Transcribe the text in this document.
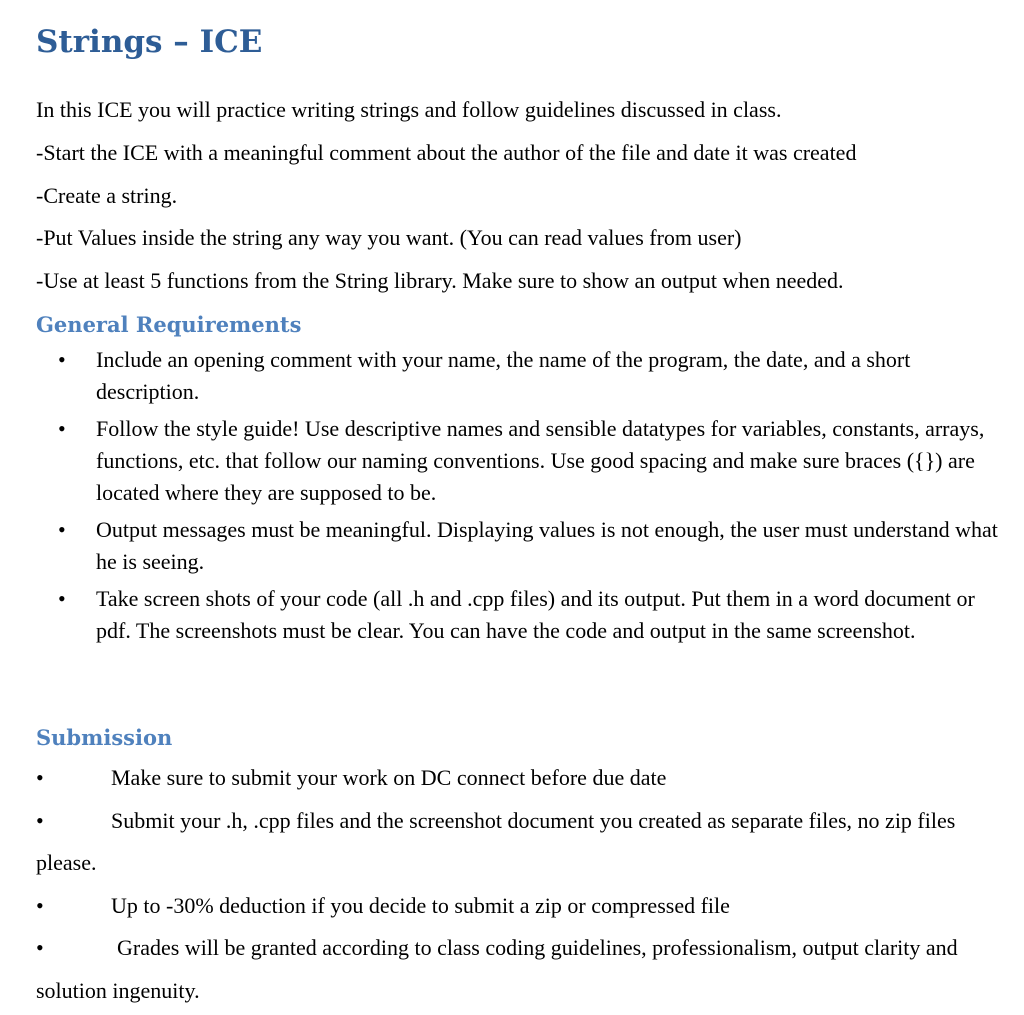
Strings – ICE

In this ICE you will practice writing strings and follow guidelines discussed in class.

-Start the ICE with a meaningful comment about the author of the file and date it was created

-Create a string.

-Put Values inside the string any way you want. (You can read values from user)

-Use at least 5 functions from the String library. Make sure to show an output when needed.

General Requirements
• Include an opening comment with your name, the name of the program, the date, and a short description.
• Follow the style guide! Use descriptive names and sensible datatypes for variables, constants, arrays, functions, etc. that follow our naming conventions. Use good spacing and make sure braces ({}) are located where they are supposed to be.
• Output messages must be meaningful. Displaying values is not enough, the user must understand what he is seeing.
• Take screen shots of your code (all .h and .cpp files) and its output. Put them in a word document or pdf. The screenshots must be clear. You can have the code and output in the same screenshot.
Submission

•	Make sure to submit your work on DC connect before due date

•	Submit your .h, .cpp files and the screenshot document you created as separate files, no zip files please.

•	Up to -30% deduction if you decide to submit a zip or compressed file

•	Grades will be granted according to class coding guidelines, professionalism, output clarity and solution ingenuity.
